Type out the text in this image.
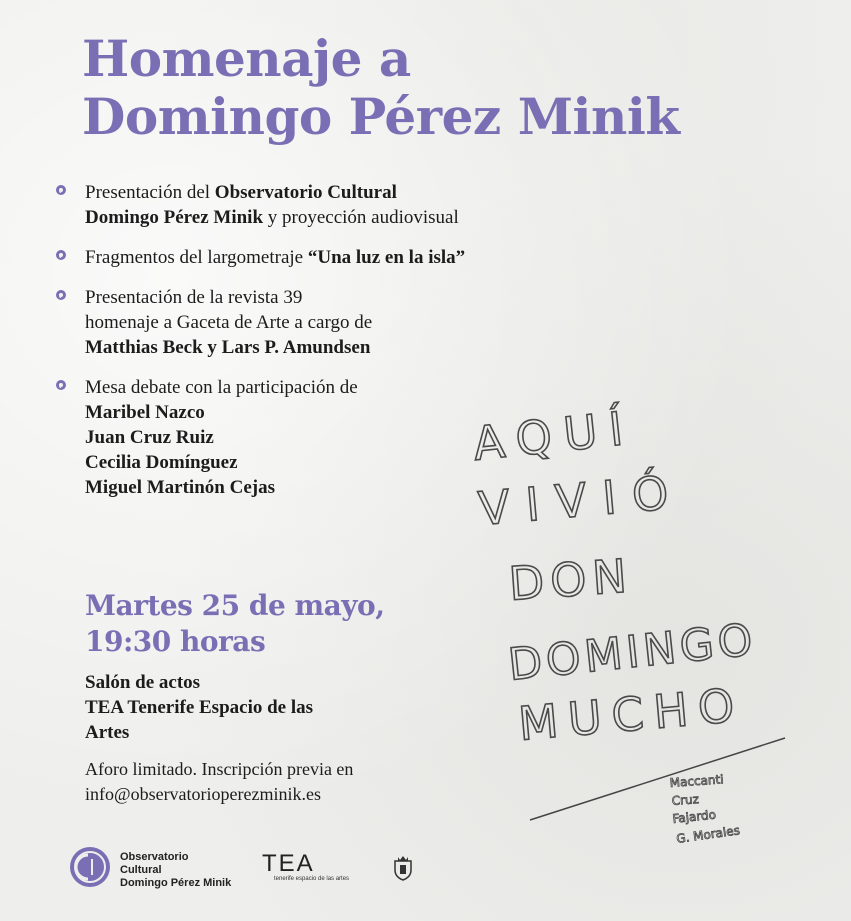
Homenaje a
Domingo Pérez Minik
Presentación del Observatorio Cultural
Domingo Pérez Minik y proyección audiovisual
Fragmentos del largometraje “Una luz en la isla”
Presentación de la revista 39
homenaje a Gaceta de Arte a cargo de
Matthias Beck y Lars P. Amundsen
Mesa debate con la participación de
Maribel Nazco
Juan Cruz Ruiz
Cecilia Domínguez
Miguel Martinón Cejas
AQUÍ
VIVIÓ
DON
DOMINGO
MUCHO
Maccanti
Cruz
Fajardo
G. Morales
Martes 25 de mayo,
19:30 horas
Salón de actos
TEA Tenerife Espacio de las
Artes
Aforo limitado. Inscripción previa en
info@observatorioperezminik.es
Observatorio
Cultural
Domingo Pérez Minik
TEA
tenerife espacio de las artes
